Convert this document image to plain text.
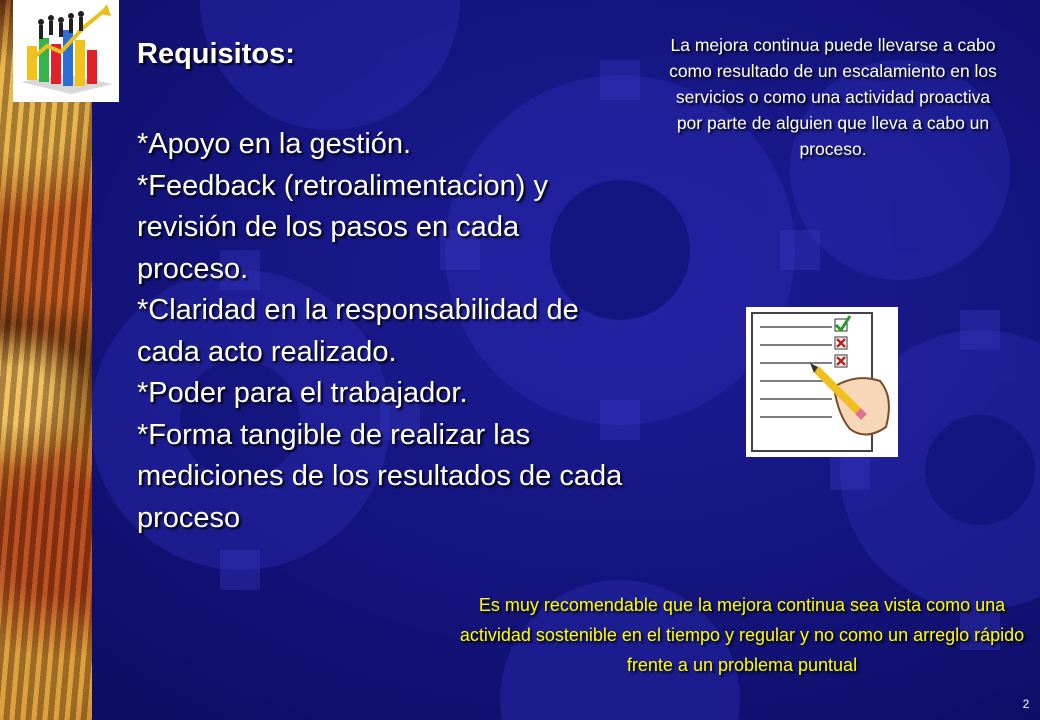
Requisitos:
*Apoyo en la gestión.
*Feedback (retroalimentacion) y revisión de los pasos en cada proceso.
*Claridad en la responsabilidad de cada acto realizado.
*Poder para el trabajador.
*Forma tangible de realizar las mediciones de los resultados de cada proceso

La mejora continua puede llevarse a cabo como resultado de un escalamiento en los servicios o como una actividad proactiva por parte de alguien que lleva a cabo un proceso.

Es muy recomendable que la mejora continua sea vista como una actividad sostenible en el tiempo y regular y no como un arreglo rápido frente a un problema puntual

2
